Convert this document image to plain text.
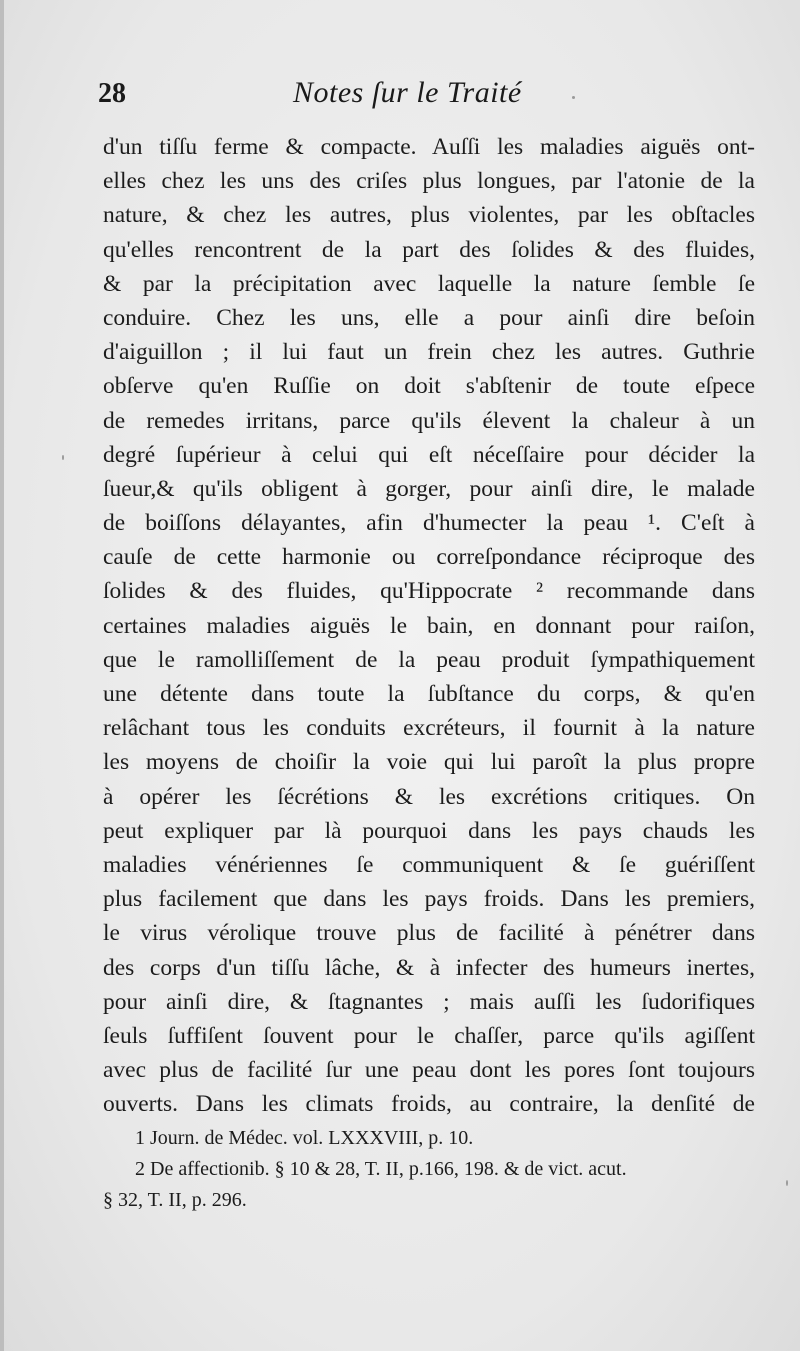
28	Notes ſur le Traité
d'un tiſſu ferme & compacte. Auſſi les maladies aiguës ont-
elles chez les uns des criſes plus longues, par l'atonie de la
nature, & chez les autres, plus violentes, par les obſtacles
qu'elles rencontrent de la part des ſolides & des fluides,
& par la précipitation avec laquelle la nature ſemble ſe
conduire. Chez les uns, elle a pour ainſi dire beſoin
d'aiguillon ; il lui faut un frein chez les autres. Guthrie
obſerve qu'en Ruſſie on doit s'abſtenir de toute eſpece
de remedes irritans, parce qu'ils élevent la chaleur à un
degré ſupérieur à celui qui eſt néceſſaire pour décider la
ſueur,& qu'ils obligent à gorger, pour ainſi dire, le malade
de boiſſons délayantes, afin d'humecter la peau ¹. C'eſt à
cauſe de cette harmonie ou correſpondance réciproque des
ſolides & des fluides, qu'Hippocrate ² recommande dans
certaines maladies aiguës le bain, en donnant pour raiſon,
que le ramolliſſement de la peau produit ſympathiquement
une détente dans toute la ſubſtance du corps, & qu'en
relâchant tous les conduits excréteurs, il fournit à la nature
les moyens de choiſir la voie qui lui paroît la plus propre
à opérer les ſécrétions & les excrétions critiques. On
peut expliquer par là pourquoi dans les pays chauds les
maladies vénériennes ſe communiquent & ſe guériſſent
plus facilement que dans les pays froids. Dans les premiers,
le virus vérolique trouve plus de facilité à pénétrer dans
des corps d'un tiſſu lâche, & à infecter des humeurs inertes,
pour ainſi dire, & ſtagnantes ; mais auſſi les ſudorifiques
ſeuls ſuffiſent ſouvent pour le chaſſer, parce qu'ils agiſſent
avec plus de facilité ſur une peau dont les pores ſont toujours
ouverts. Dans les climats froids, au contraire, la denſité de
1 Journ. de Médec. vol. LXXXVIII, p. 10.
2 De affectionib. § 10 & 28, T. II, p.166, 198. & de vict. acut.
§ 32, T. II, p. 296.
